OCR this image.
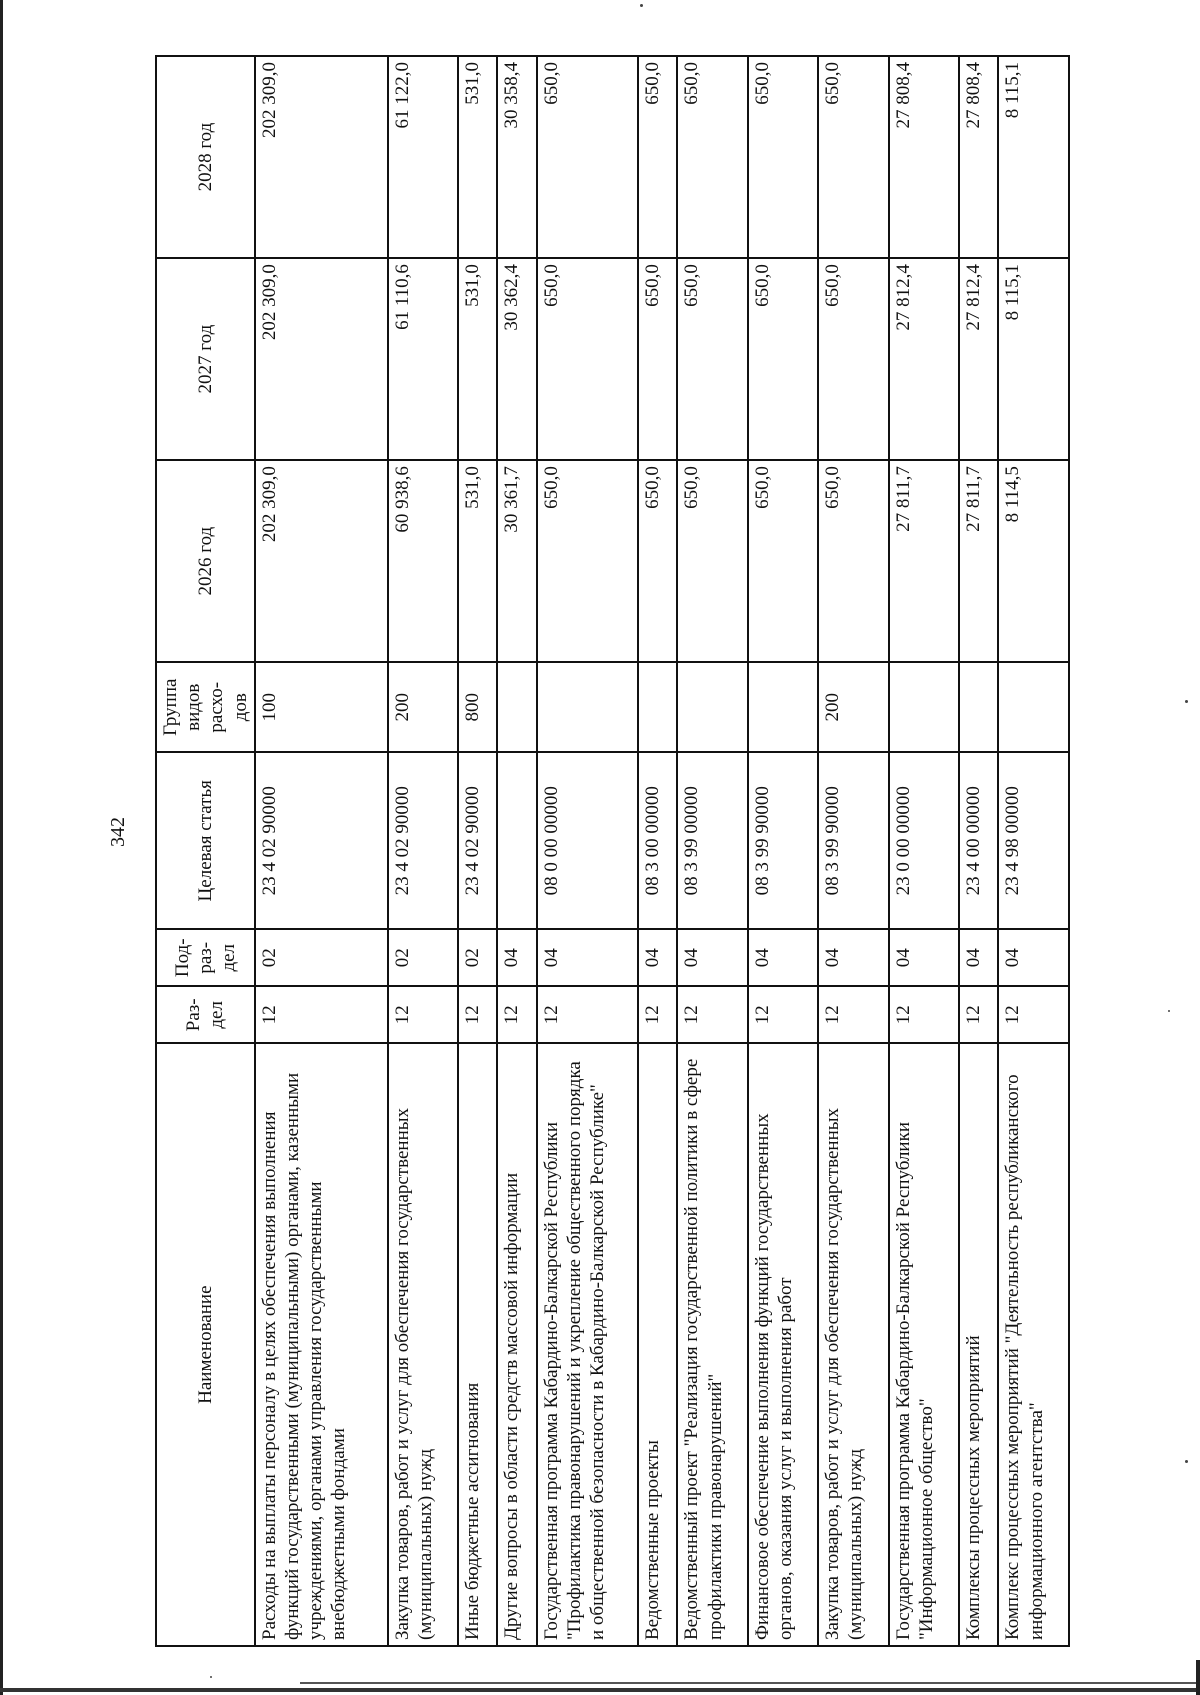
342
Наименование	Раз-дел	Под-раз-дел	Целевая статья	Группа видов расхо-дов	2026 год	2027 год	2028 год
Расходы на выплаты персоналу в целях обеспечения выполнения функций государственными (муниципальными) органами, казенными учреждениями, органами управления государственными внебюджетными фондами	12	02	23 4 02 90000	100	202 309,0	202 309,0	202 309,0
Закупка товаров, работ и услуг для обеспечения государственных (муниципальных) нужд	12	02	23 4 02 90000	200	60 938,6	61 110,6	61 122,0
Иные бюджетные ассигнования	12	02	23 4 02 90000	800	531,0	531,0	531,0
Другие вопросы в области средств массовой информации	12	04			30 361,7	30 362,4	30 358,4
Государственная программа Кабардино-Балкарской Республики "Профилактика правонарушений и укрепление общественного порядка и общественной безопасности в Кабардино-Балкарской Республике"	12	04	08 0 00 00000		650,0	650,0	650,0
Ведомственные проекты	12	04	08 3 00 00000		650,0	650,0	650,0
Ведомственный проект "Реализация государственной политики в сфере профилактики правонарушений"	12	04	08 3 99 00000		650,0	650,0	650,0
Финансовое обеспечение выполнения функций государственных органов, оказания услуг и выполнения работ	12	04	08 3 99 90000		650,0	650,0	650,0
Закупка товаров, работ и услуг для обеспечения государственных (муниципальных) нужд	12	04	08 3 99 90000	200	650,0	650,0	650,0
Государственная программа Кабардино-Балкарской Республики "Информационное общество"	12	04	23 0 00 00000		27 811,7	27 812,4	27 808,4
Комплексы процессных мероприятий	12	04	23 4 00 00000		27 811,7	27 812,4	27 808,4
Комплекс процессных мероприятий "Деятельность республиканского информационного агентства"	12	04	23 4 98 00000		8 114,5	8 115,1	8 115,1
